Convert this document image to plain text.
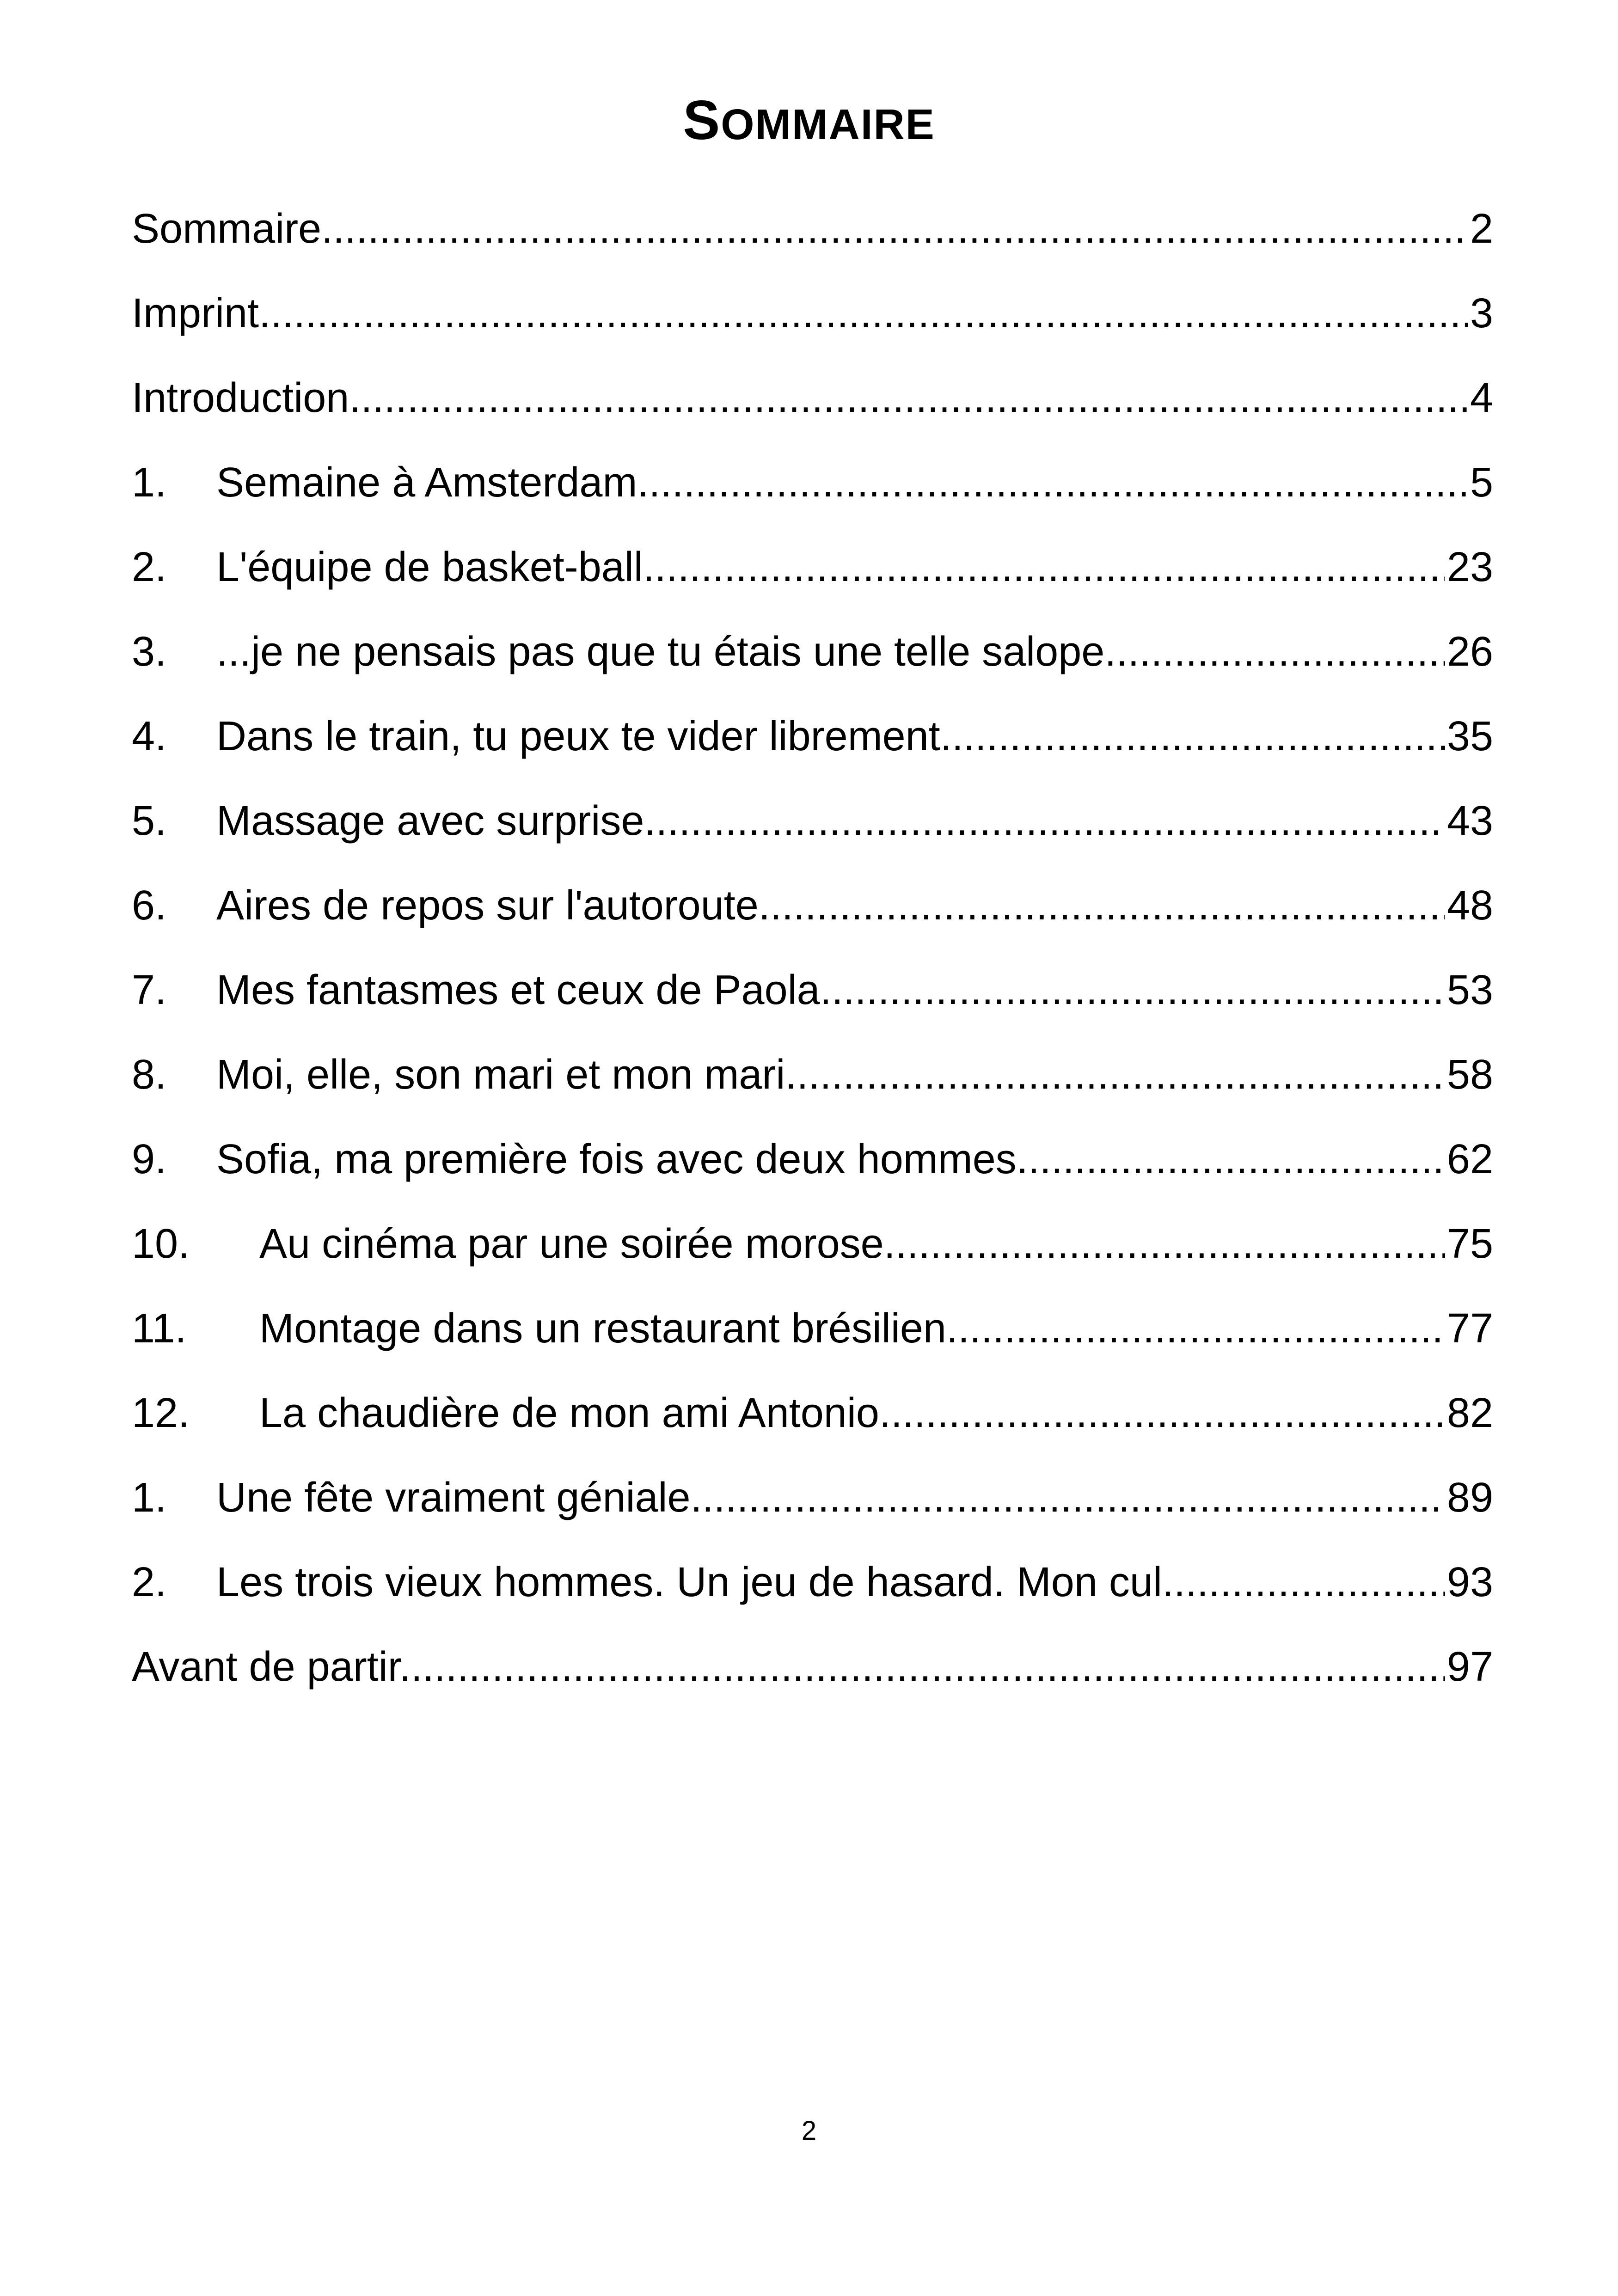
SOMMAIRE
Sommaire .....	2
Imprint .....	3
Introduction .....	4
1.	Semaine à Amsterdam .....	5
2.	L'équipe de basket-ball .....	23
3.	...je ne pensais pas que tu étais une telle salope .....	26
4.	Dans le train, tu peux te vider librement.... .....	35
5.	Massage avec surprise .....	43
6.	Aires de repos sur l'autoroute .....	48
7.	Mes fantasmes et ceux de Paola .....	53
8.	Moi, elle, son mari et mon mari .....	58
9.	Sofia, ma première fois avec deux hommes .....	62
10.	Au cinéma par une soirée morose .....	75
11.	Montage dans un restaurant brésilien .....	77
12.	La chaudière de mon ami Antonio .....	82
1.	Une fête vraiment géniale .....	89
2.	Les trois vieux hommes. Un jeu de hasard. Mon cul .....	93
Avant de partir... .....	97
2
